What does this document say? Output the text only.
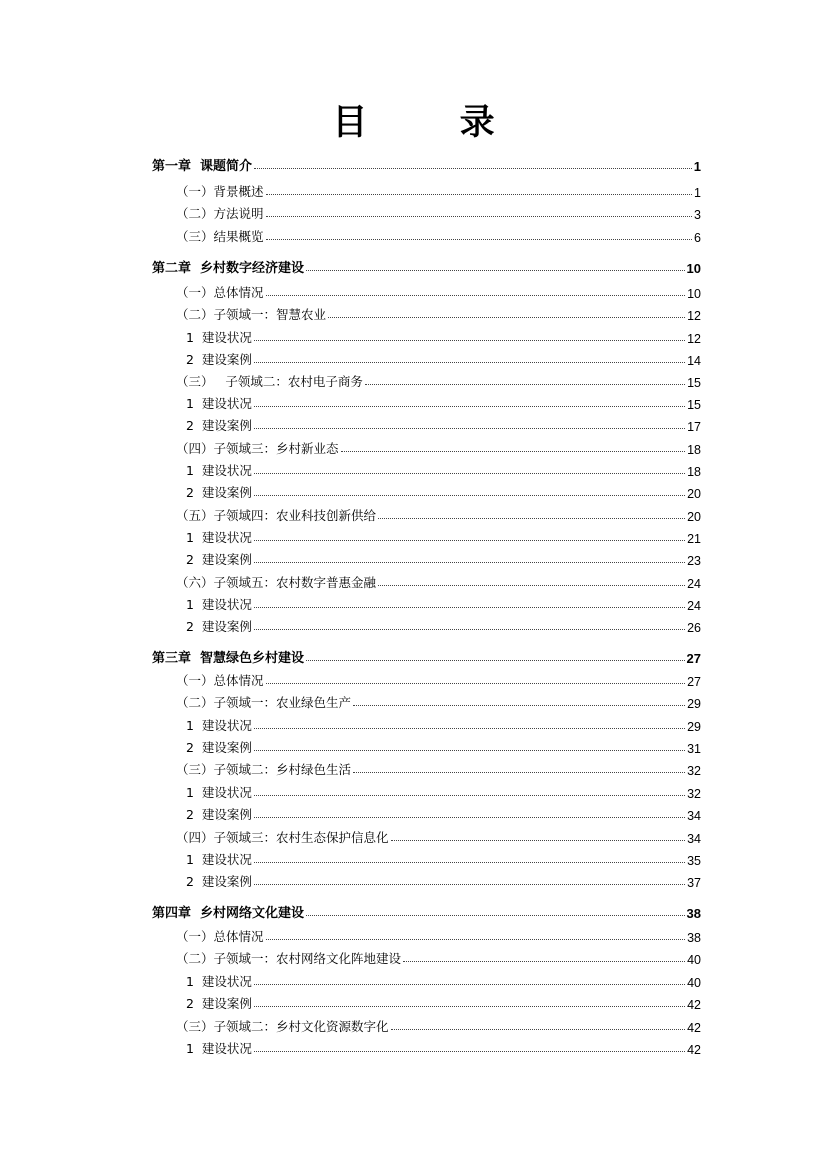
目 录
第一章  课题简介	1
（一）背景概述	1
（二）方法说明	3
（三）结果概览	6
第二章  乡村数字经济建设	10
（一）总体情况	10
（二）子领域一：智慧农业	12
1  建设状况	12
2  建设案例	14
（三）   子领域二：农村电子商务	15
1  建设状况	15
2  建设案例	17
（四）子领域三：乡村新业态	18
1  建设状况	18
2  建设案例	20
（五）子领域四：农业科技创新供给	20
1  建设状况	21
2  建设案例	23
（六）子领域五：农村数字普惠金融	24
1  建设状况	24
2  建设案例	26
第三章  智慧绿色乡村建设	27
（一）总体情况	27
（二）子领域一：农业绿色生产	29
1  建设状况	29
2  建设案例	31
（三）子领域二：乡村绿色生活	32
1  建设状况	32
2  建设案例	34
（四）子领域三：农村生态保护信息化	34
1  建设状况	35
2  建设案例	37
第四章  乡村网络文化建设	38
（一）总体情况	38
（二）子领域一：农村网络文化阵地建设	40
1  建设状况	40
2  建设案例	42
（三）子领域二：乡村文化资源数字化	42
1  建设状况	42
